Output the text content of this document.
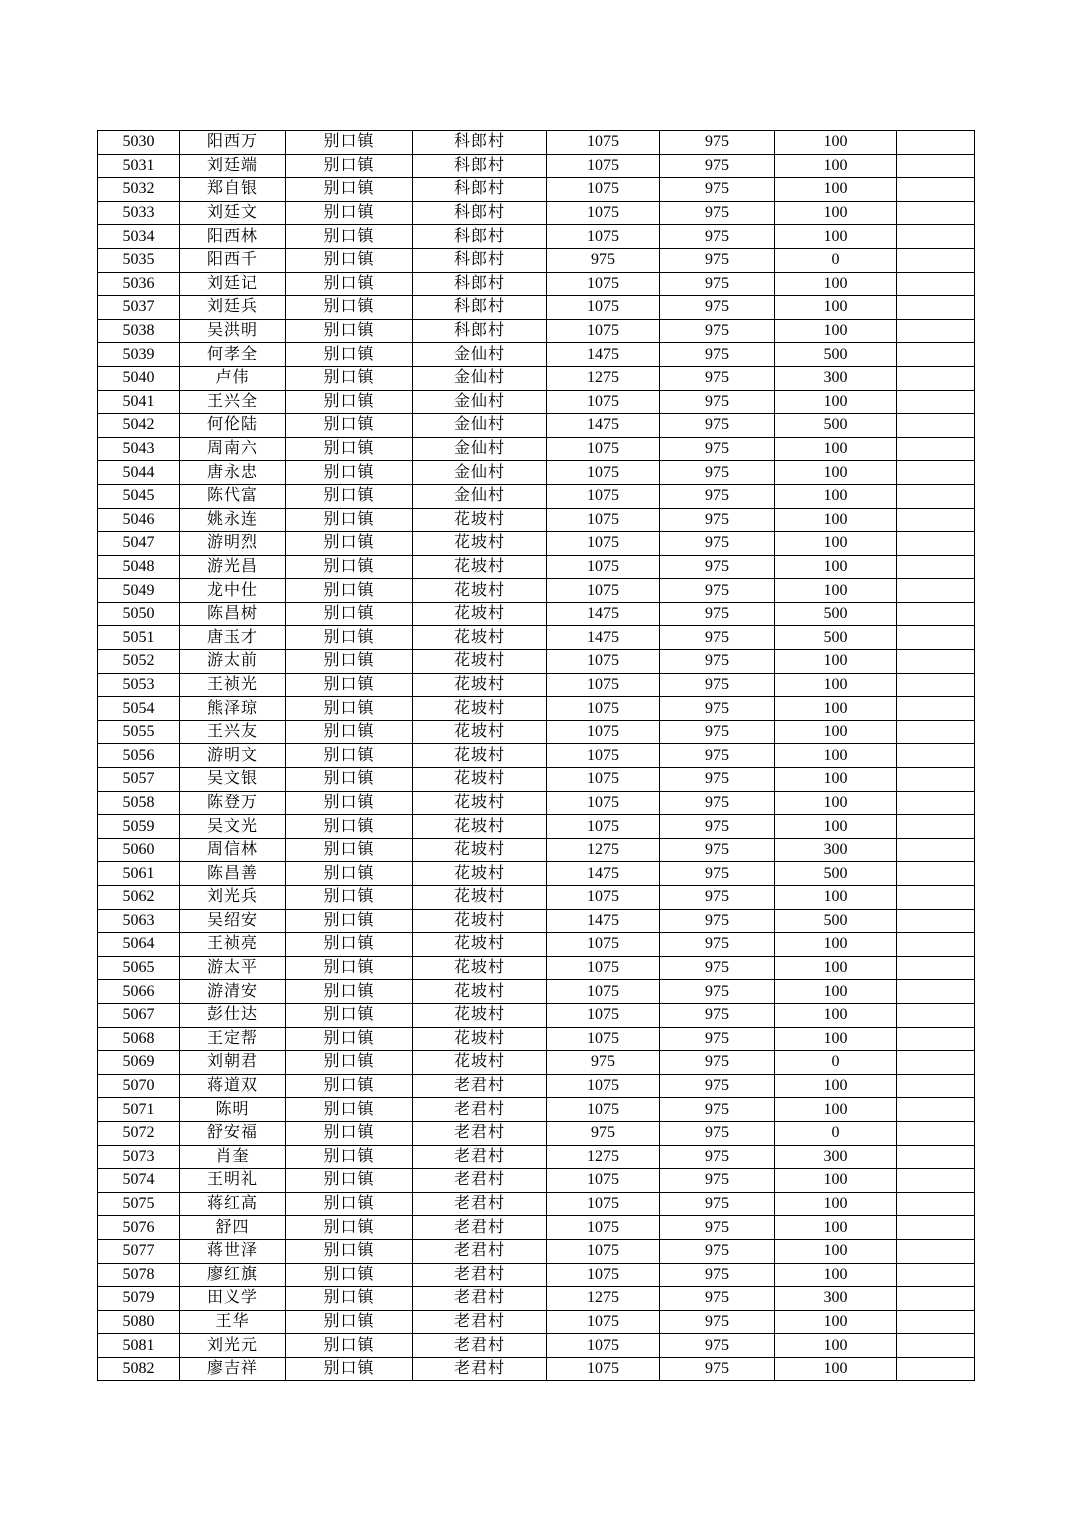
5030	阳西万	别口镇	科郎村	1075	975	100	
5031	刘廷端	别口镇	科郎村	1075	975	100	
5032	郑自银	别口镇	科郎村	1075	975	100	
5033	刘廷文	别口镇	科郎村	1075	975	100	
5034	阳西林	别口镇	科郎村	1075	975	100	
5035	阳西千	别口镇	科郎村	975	975	0	
5036	刘廷记	别口镇	科郎村	1075	975	100	
5037	刘廷兵	别口镇	科郎村	1075	975	100	
5038	吴洪明	别口镇	科郎村	1075	975	100	
5039	何孝全	别口镇	金仙村	1475	975	500	
5040	卢伟	别口镇	金仙村	1275	975	300	
5041	王兴全	别口镇	金仙村	1075	975	100	
5042	何伦陆	别口镇	金仙村	1475	975	500	
5043	周南六	别口镇	金仙村	1075	975	100	
5044	唐永忠	别口镇	金仙村	1075	975	100	
5045	陈代富	别口镇	金仙村	1075	975	100	
5046	姚永连	别口镇	花坡村	1075	975	100	
5047	游明烈	别口镇	花坡村	1075	975	100	
5048	游光昌	别口镇	花坡村	1075	975	100	
5049	龙中仕	别口镇	花坡村	1075	975	100	
5050	陈昌树	别口镇	花坡村	1475	975	500	
5051	唐玉才	别口镇	花坡村	1475	975	500	
5052	游太前	别口镇	花坡村	1075	975	100	
5053	王祯光	别口镇	花坡村	1075	975	100	
5054	熊泽琼	别口镇	花坡村	1075	975	100	
5055	王兴友	别口镇	花坡村	1075	975	100	
5056	游明文	别口镇	花坡村	1075	975	100	
5057	吴文银	别口镇	花坡村	1075	975	100	
5058	陈登万	别口镇	花坡村	1075	975	100	
5059	吴文光	别口镇	花坡村	1075	975	100	
5060	周信林	别口镇	花坡村	1275	975	300	
5061	陈昌善	别口镇	花坡村	1475	975	500	
5062	刘光兵	别口镇	花坡村	1075	975	100	
5063	吴绍安	别口镇	花坡村	1475	975	500	
5064	王祯亮	别口镇	花坡村	1075	975	100	
5065	游太平	别口镇	花坡村	1075	975	100	
5066	游清安	别口镇	花坡村	1075	975	100	
5067	彭仕达	别口镇	花坡村	1075	975	100	
5068	王定帮	别口镇	花坡村	1075	975	100	
5069	刘朝君	别口镇	花坡村	975	975	0	
5070	蒋道双	别口镇	老君村	1075	975	100	
5071	陈明	别口镇	老君村	1075	975	100	
5072	舒安福	别口镇	老君村	975	975	0	
5073	肖奎	别口镇	老君村	1275	975	300	
5074	王明礼	别口镇	老君村	1075	975	100	
5075	蒋红高	别口镇	老君村	1075	975	100	
5076	舒四	别口镇	老君村	1075	975	100	
5077	蒋世泽	别口镇	老君村	1075	975	100	
5078	廖红旗	别口镇	老君村	1075	975	100	
5079	田义学	别口镇	老君村	1275	975	300	
5080	王华	别口镇	老君村	1075	975	100	
5081	刘光元	别口镇	老君村	1075	975	100	
5082	廖吉祥	别口镇	老君村	1075	975	100	
